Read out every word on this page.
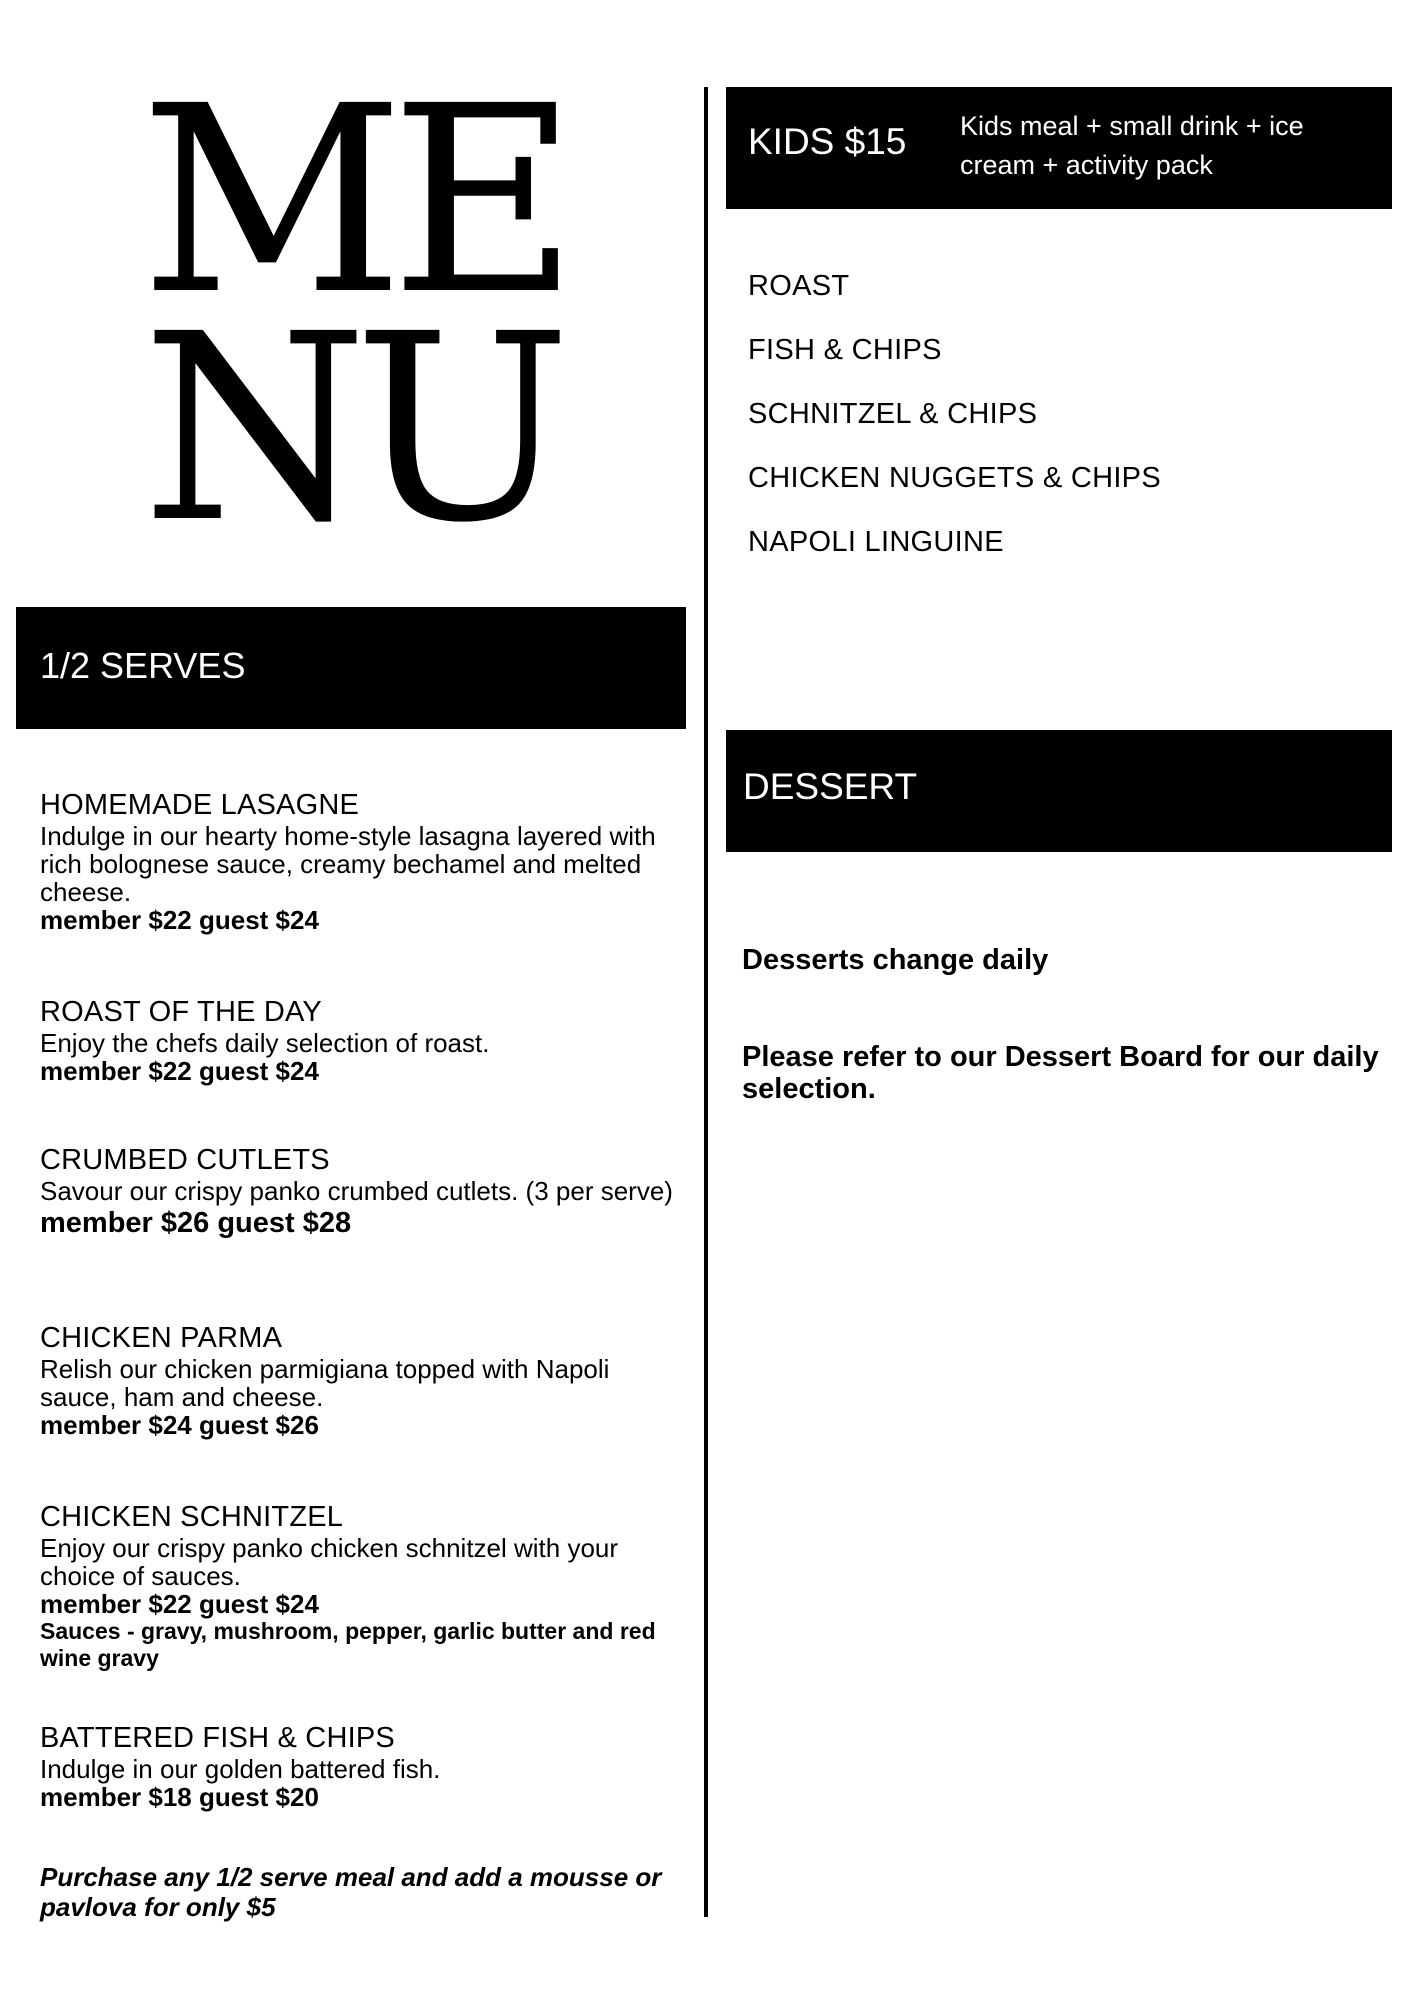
ME
NU
1/2 SERVES
HOMEMADE LASAGNE
Indulge in our hearty home-style lasagna layered with rich bolognese sauce, creamy bechamel and melted cheese.
member $22 guest $24
ROAST OF THE DAY
Enjoy the chefs daily selection of roast.
member $22 guest $24
CRUMBED CUTLETS
Savour our crispy panko crumbed cutlets. (3 per serve)
member $26 guest $28
CHICKEN PARMA
Relish our chicken parmigiana topped with Napoli sauce, ham and cheese.
member $24 guest $26
CHICKEN SCHNITZEL
Enjoy our crispy panko chicken schnitzel with your choice of sauces.
member $22 guest $24
Sauces - gravy, mushroom, pepper, garlic butter and red wine gravy
BATTERED FISH & CHIPS
Indulge in our golden battered fish.
member $18 guest $20
Purchase any 1/2 serve meal and add a mousse or pavlova for only $5
KIDS $15 Kids meal + small drink + ice cream + activity pack
ROAST
FISH & CHIPS
SCHNITZEL & CHIPS
CHICKEN NUGGETS & CHIPS
NAPOLI LINGUINE
DESSERT
Desserts change daily
Please refer to our Dessert Board for our daily selection.
